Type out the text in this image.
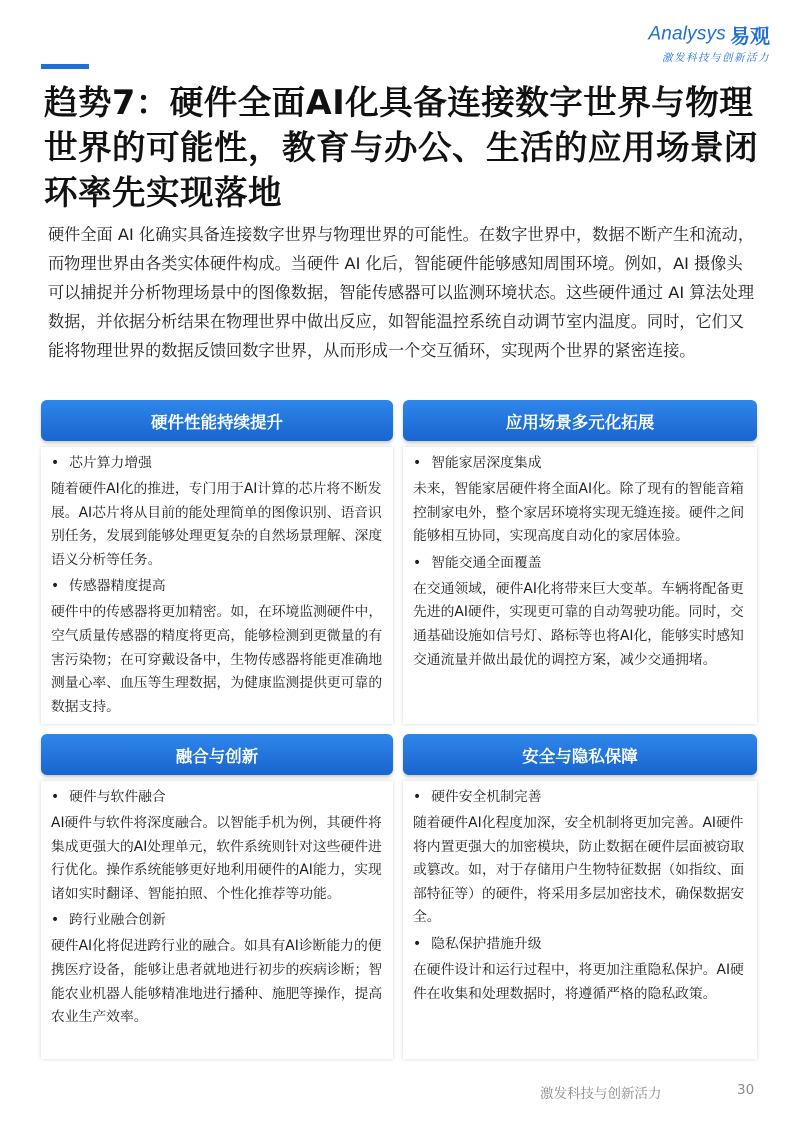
Analysys 易观
激发科技与创新活力
趋势7：硬件全面AI化具备连接数字世界与物理世界的可能性，教育与办公、生活的应用场景闭环率先实现落地

硬件全面 AI 化确实具备连接数字世界与物理世界的可能性。在数字世界中，数据不断产生和流动，而物理世界由各类实体硬件构成。当硬件 AI 化后，智能硬件能够感知周围环境。例如，AI 摄像头可以捕捉并分析物理场景中的图像数据，智能传感器可以监测环境状态。这些硬件通过 AI 算法处理数据，并依据分析结果在物理世界中做出反应，如智能温控系统自动调节室内温度。同时，它们又能将物理世界的数据反馈回数字世界，从而形成一个交互循环，实现两个世界的紧密连接。

硬件性能持续提升
• 芯片算力增强

随着硬件AI化的推进，专门用于AI计算的芯片将不断发展。AI芯片将从目前的能处理简单的图像识别、语音识别任务，发展到能够处理更复杂的自然场景理解、深度语义分析等任务。

• 传感器精度提高

硬件中的传感器将更加精密。如，在环境监测硬件中，空气质量传感器的精度将更高，能够检测到更微量的有害污染物；在可穿戴设备中，生物传感器将能更准确地测量心率、血压等生理数据，为健康监测提供更可靠的数据支持。

应用场景多元化拓展
• 智能家居深度集成

未来，智能家居硬件将全面AI化。除了现有的智能音箱控制家电外，整个家居环境将实现无缝连接。硬件之间能够相互协同，实现高度自动化的家居体验。

• 智能交通全面覆盖

在交通领域，硬件AI化将带来巨大变革。车辆将配备更先进的AI硬件，实现更可靠的自动驾驶功能。同时，交通基础设施如信号灯、路标等也将AI化，能够实时感知交通流量并做出最优的调控方案，减少交通拥堵。

融合与创新
• 硬件与软件融合

AI硬件与软件将深度融合。以智能手机为例，其硬件将集成更强大的AI处理单元，软件系统则针对这些硬件进行优化。操作系统能够更好地利用硬件的AI能力，实现诸如实时翻译、智能拍照、个性化推荐等功能。

• 跨行业融合创新

硬件AI化将促进跨行业的融合。如具有AI诊断能力的便携医疗设备，能够让患者就地进行初步的疾病诊断；智能农业机器人能够精准地进行播种、施肥等操作，提高农业生产效率。

安全与隐私保障
• 硬件安全机制完善

随着硬件AI化程度加深，安全机制将更加完善。AI硬件将内置更强大的加密模块，防止数据在硬件层面被窃取或篡改。如，对于存储用户生物特征数据（如指纹、面部特征等）的硬件，将采用多层加密技术，确保数据安全。

• 隐私保护措施升级

在硬件设计和运行过程中，将更加注重隐私保护。AI硬件在收集和处理数据时，将遵循严格的隐私政策。

激发科技与创新活力	30
